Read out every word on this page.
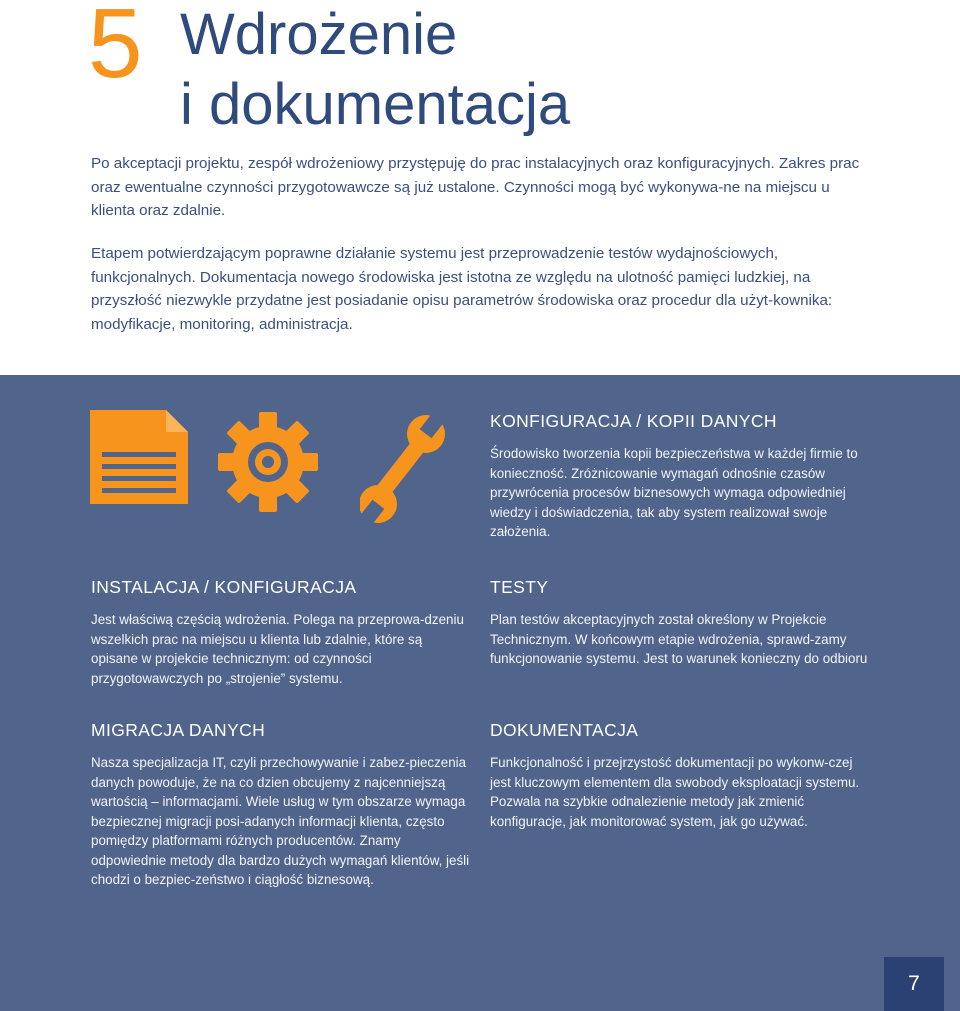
5 Wdrożenie
i dokumentacja

Po akceptacji projektu, zespół wdrożeniowy przystępuję do prac instalacyjnych oraz konfiguracyjnych. Zakres prac oraz ewentualne czynności przygotowawcze są już ustalone. Czynności mogą być wykonywa-ne na miejscu u klienta oraz zdalnie.

Etapem potwierdzającym poprawne działanie systemu jest przeprowadzenie testów wydajnościowych, funkcjonalnych. Dokumentacja nowego środowiska jest istotna ze względu na ulotność pamięci ludzkiej, na przyszłość niezwykle przydatne jest posiadanie opisu parametrów środowiska oraz procedur dla użyt-kownika: modyfikacje, monitoring, administracja.

KONFIGURACJA / KOPII DANYCH

Środowisko tworzenia kopii bezpieczeństwa w każdej firmie to konieczność. Zróżnicowanie wymagań odnośnie czasów przywrócenia procesów biznesowych wymaga odpowiedniej wiedzy i doświadczenia, tak aby system realizował swoje założenia.

INSTALACJA / KONFIGURACJA

Jest właściwą częścią wdrożenia. Polega na przeprowa-dzeniu wszelkich prac na miejscu u klienta lub zdalnie, które są opisane w projekcie technicznym: od czynności przygotowawczych po „strojenie” systemu.

TESTY

Plan testów akceptacyjnych został określony w Projekcie Technicznym. W końcowym etapie wdrożenia, sprawd-zamy funkcjonowanie systemu. Jest to warunek konieczny do odbioru

MIGRACJA DANYCH

Nasza specjalizacja IT, czyli przechowywanie i zabez-pieczenia danych powoduje, że na co dzien obcujemy z najcenniejszą wartością – informacjami. Wiele usług w tym obszarze wymaga bezpiecznej migracji posi-adanych informacji klienta, często pomiędzy platformami różnych producentów. Znamy odpowiednie metody dla bardzo dużych wymagań klientów, jeśli chodzi o bezpiec-zeństwo i ciągłość biznesową.

DOKUMENTACJA

Funkcjonalność i przejrzystość dokumentacji po wykonw-czej jest kluczowym elementem dla swobody eksploatacji systemu. Pozwala na szybkie odnalezienie metody jak zmienić konfiguracje, jak monitorować system, jak go używać.

7
